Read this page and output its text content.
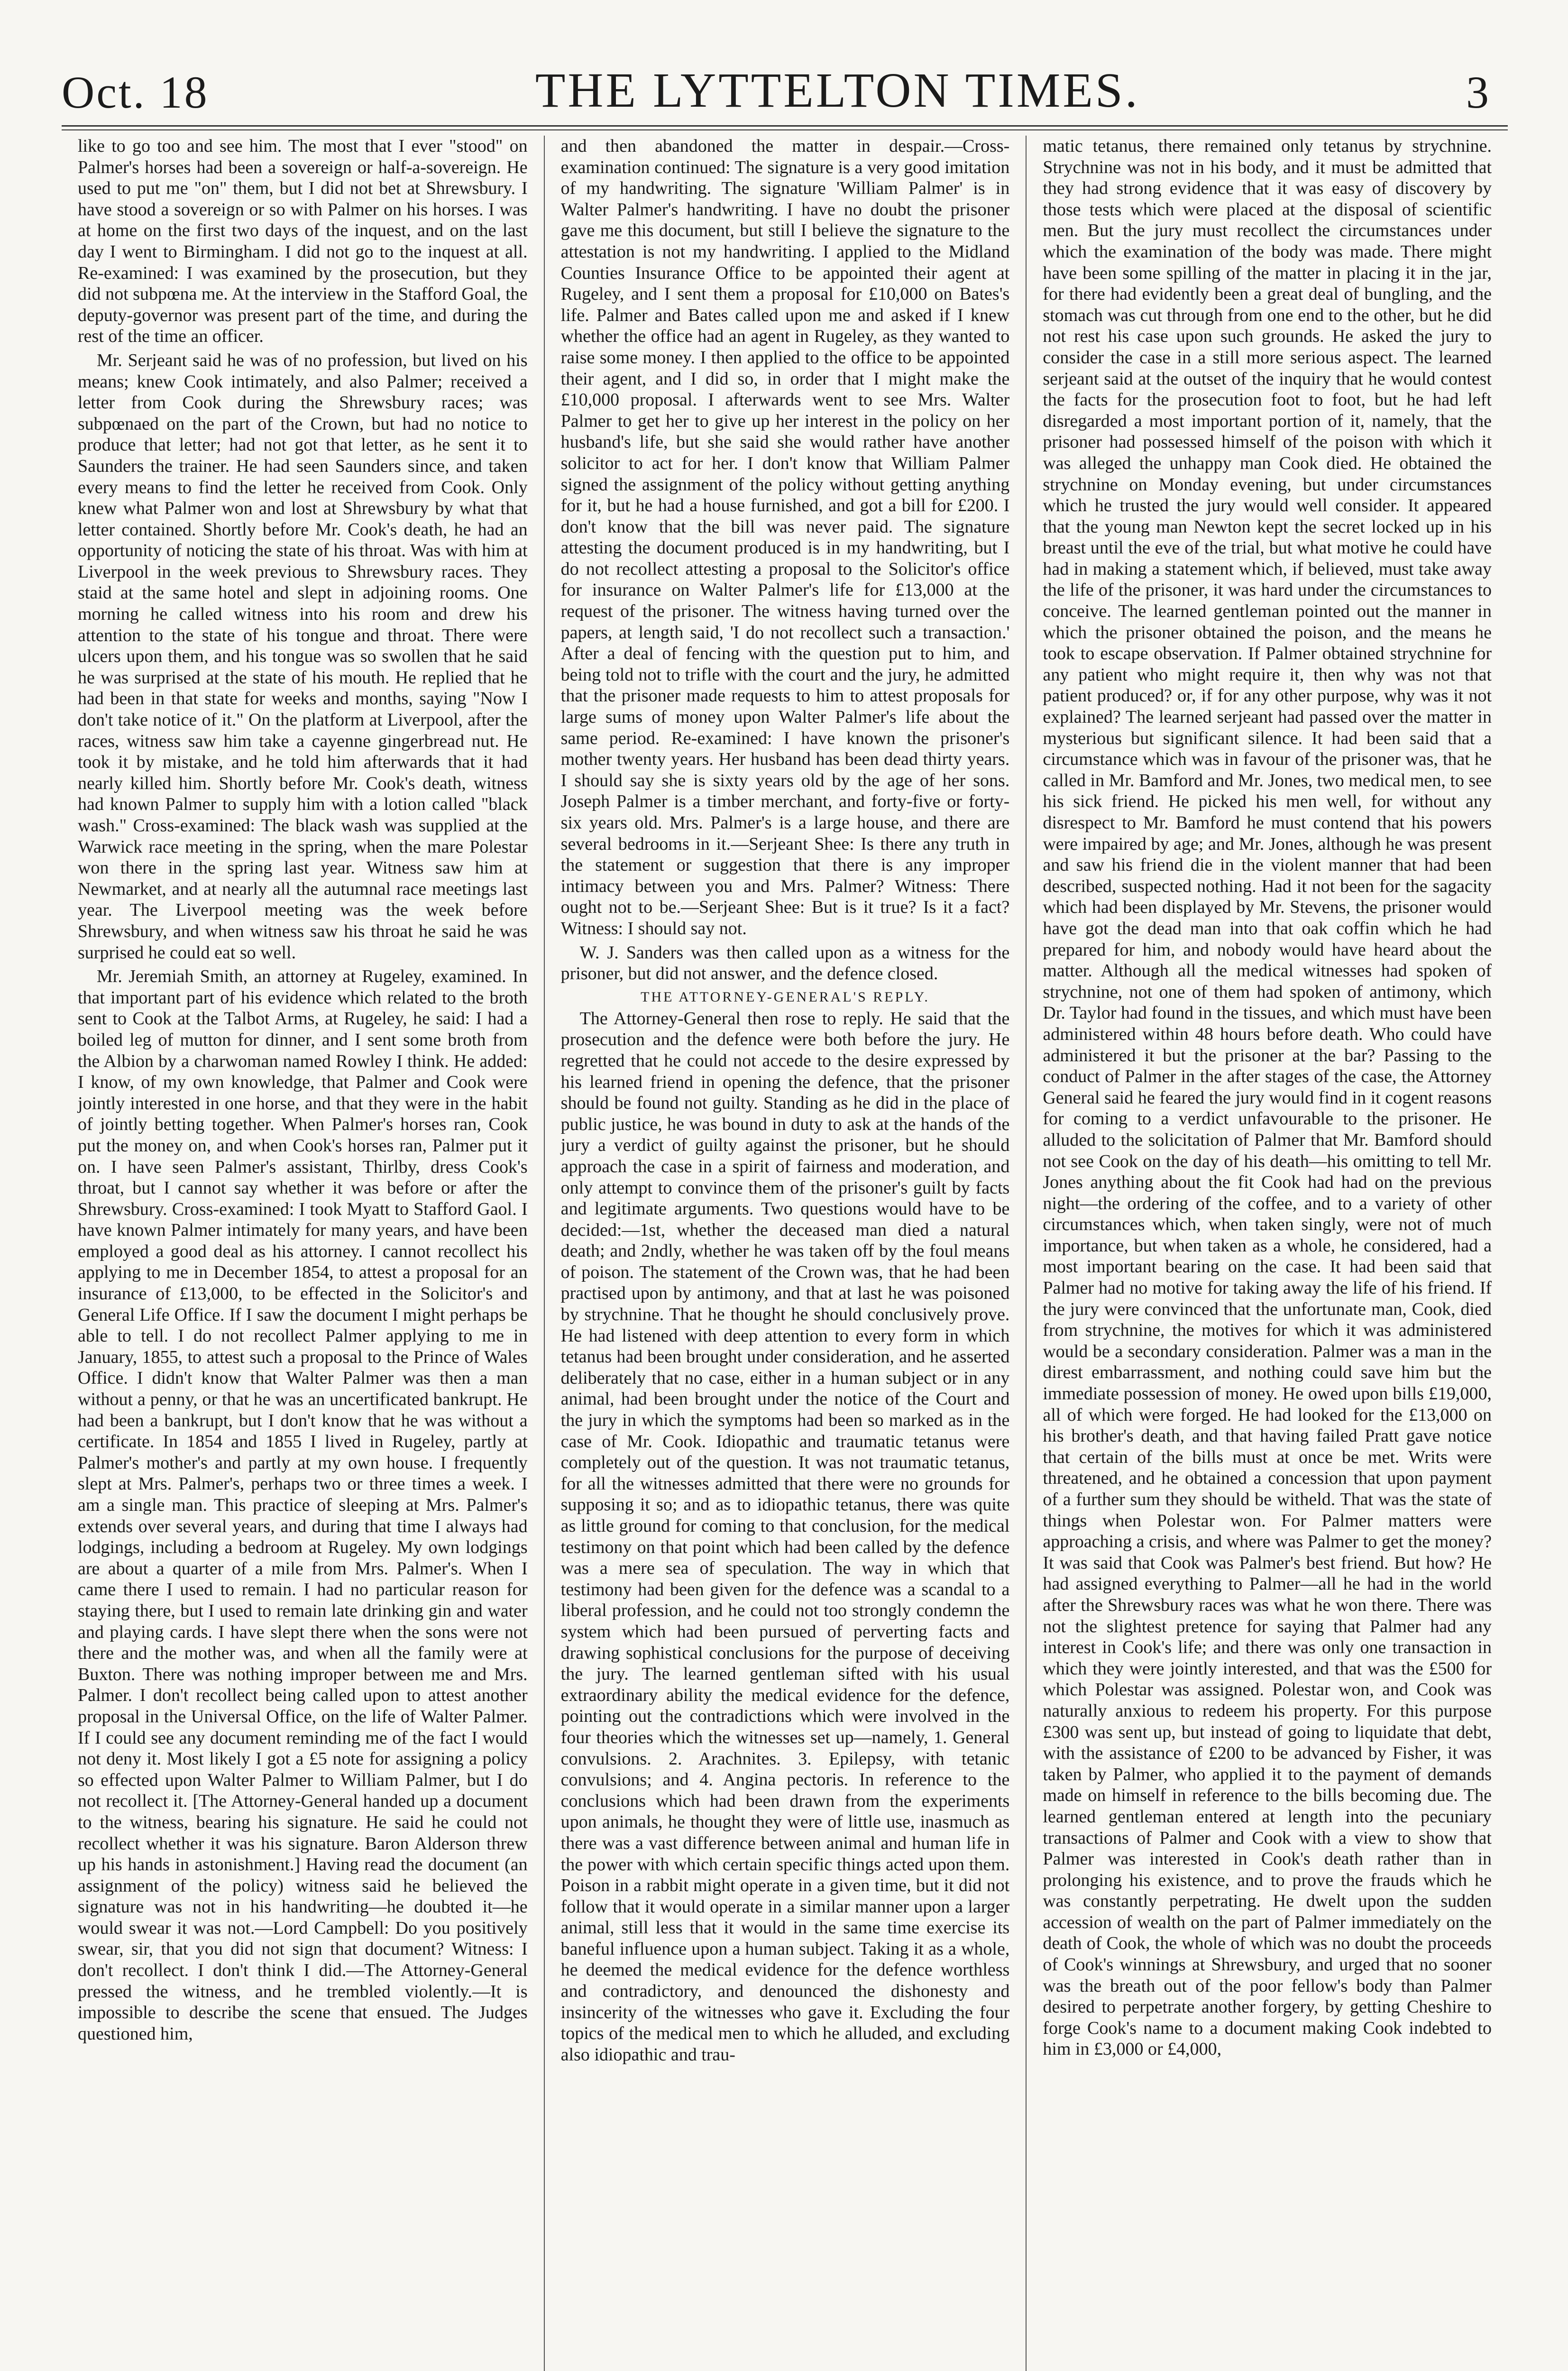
Oct. 18	THE LYTTELTON TIMES.	3

like to go too and see him. The most that I ever "stood" on Palmer's horses had been a sovereign or half-a-sovereign. He used to put me "on" them, but I did not bet at Shrewsbury. I have stood a sovereign or so with Palmer on his horses. I was at home on the first two days of the inquest, and on the last day I went to Birmingham. I did not go to the inquest at all. Re-examined: I was examined by the prosecution, but they did not subpœna me. At the interview in the Stafford Goal, the deputy-governor was present part of the time, and during the rest of the time an officer.

Mr. Serjeant said he was of no profession, but lived on his means; knew Cook intimately, and also Palmer; received a letter from Cook during the Shrewsbury races; was subpœnaed on the part of the Crown, but had no notice to produce that letter; had not got that letter, as he sent it to Saunders the trainer. He had seen Saunders since, and taken every means to find the letter he received from Cook. Only knew what Palmer won and lost at Shrewsbury by what that letter contained. Shortly before Mr. Cook's death, he had an opportunity of noticing the state of his throat. Was with him at Liverpool in the week previous to Shrewsbury races. They staid at the same hotel and slept in adjoining rooms. One morning he called witness into his room and drew his attention to the state of his tongue and throat. There were ulcers upon them, and his tongue was so swollen that he said he was surprised at the state of his mouth. He replied that he had been in that state for weeks and months, saying "Now I don't take notice of it." On the platform at Liverpool, after the races, witness saw him take a cayenne gingerbread nut. He took it by mistake, and he told him afterwards that it had nearly killed him. Shortly before Mr. Cook's death, witness had known Palmer to supply him with a lotion called "black wash." Cross-examined: The black wash was supplied at the Warwick race meeting in the spring, when the mare Polestar won there in the spring last year. Witness saw him at Newmarket, and at nearly all the autumnal race meetings last year. The Liverpool meeting was the week before Shrewsbury, and when witness saw his throat he said he was surprised he could eat so well.

Mr. Jeremiah Smith, an attorney at Rugeley, examined. In that important part of his evidence which related to the broth sent to Cook at the Talbot Arms, at Rugeley, he said: I had a boiled leg of mutton for dinner, and I sent some broth from the Albion by a charwoman named Rowley I think. He added: I know, of my own knowledge, that Palmer and Cook were jointly interested in one horse, and that they were in the habit of jointly betting together. When Palmer's horses ran, Cook put the money on, and when Cook's horses ran, Palmer put it on. I have seen Palmer's assistant, Thirlby, dress Cook's throat, but I cannot say whether it was before or after the Shrewsbury. Cross-examined: I took Myatt to Stafford Gaol. I have known Palmer intimately for many years, and have been employed a good deal as his attorney. I cannot recollect his applying to me in December 1854, to attest a proposal for an insurance of £13,000, to be effected in the Solicitor's and General Life Office. If I saw the document I might perhaps be able to tell. I do not recollect Palmer applying to me in January, 1855, to attest such a proposal to the Prince of Wales Office. I didn't know that Walter Palmer was then a man without a penny, or that he was an uncertificated bankrupt. He had been a bankrupt, but I don't know that he was without a certificate. In 1854 and 1855 I lived in Rugeley, partly at Palmer's mother's and partly at my own house. I frequently slept at Mrs. Palmer's, perhaps two or three times a week. I am a single man. This practice of sleeping at Mrs. Palmer's extends over several years, and during that time I always had lodgings, including a bedroom at Rugeley. My own lodgings are about a quarter of a mile from Mrs. Palmer's. When I came there I used to remain. I had no particular reason for staying there, but I used to remain late drinking gin and water and playing cards. I have slept there when the sons were not there and the mother was, and when all the family were at Buxton. There was nothing improper between me and Mrs. Palmer. I don't recollect being called upon to attest another proposal in the Universal Office, on the life of Walter Palmer. If I could see any document reminding me of the fact I would not deny it. Most likely I got a £5 note for assigning a policy so effected upon Walter Palmer to William Palmer, but I do not recollect it. [The Attorney-General handed up a document to the witness, bearing his signature. He said he could not recollect whether it was his signature. Baron Alderson threw up his hands in astonishment.] Having read the document (an assignment of the policy) witness said he believed the signature was not in his handwriting—he doubted it—he would swear it was not.—Lord Campbell: Do you positively swear, sir, that you did not sign that document? Witness: I don't recollect. I don't think I did.—The Attorney-General pressed the witness, and he trembled violently.—It is impossible to describe the scene that ensued. The Judges questioned him,

and then abandoned the matter in despair.—Cross-examination continued: The signature is a very good imitation of my handwriting. The signature 'William Palmer' is in Walter Palmer's handwriting. I have no doubt the prisoner gave me this document, but still I believe the signature to the attestation is not my handwriting. I applied to the Midland Counties Insurance Office to be appointed their agent at Rugeley, and I sent them a proposal for £10,000 on Bates's life. Palmer and Bates called upon me and asked if I knew whether the office had an agent in Rugeley, as they wanted to raise some money. I then applied to the office to be appointed their agent, and I did so, in order that I might make the £10,000 proposal. I afterwards went to see Mrs. Walter Palmer to get her to give up her interest in the policy on her husband's life, but she said she would rather have another solicitor to act for her. I don't know that William Palmer signed the assignment of the policy without getting anything for it, but he had a house furnished, and got a bill for £200. I don't know that the bill was never paid. The signature attesting the document produced is in my handwriting, but I do not recollect attesting a proposal to the Solicitor's office for insurance on Walter Palmer's life for £13,000 at the request of the prisoner. The witness having turned over the papers, at length said, 'I do not recollect such a transaction.' After a deal of fencing with the question put to him, and being told not to trifle with the court and the jury, he admitted that the prisoner made requests to him to attest proposals for large sums of money upon Walter Palmer's life about the same period. Re-examined: I have known the prisoner's mother twenty years. Her husband has been dead thirty years. I should say she is sixty years old by the age of her sons. Joseph Palmer is a timber merchant, and forty-five or forty-six years old. Mrs. Palmer's is a large house, and there are several bedrooms in it.—Serjeant Shee: Is there any truth in the statement or suggestion that there is any improper intimacy between you and Mrs. Palmer? Witness: There ought not to be.—Serjeant Shee: But is it true? Is it a fact? Witness: I should say not.

W. J. Sanders was then called upon as a witness for the prisoner, but did not answer, and the defence closed.

THE ATTORNEY-GENERAL'S REPLY.

The Attorney-General then rose to reply. He said that the prosecution and the defence were both before the jury. He regretted that he could not accede to the desire expressed by his learned friend in opening the defence, that the prisoner should be found not guilty. Standing as he did in the place of public justice, he was bound in duty to ask at the hands of the jury a verdict of guilty against the prisoner, but he should approach the case in a spirit of fairness and moderation, and only attempt to convince them of the prisoner's guilt by facts and legitimate arguments. Two questions would have to be decided:—1st, whether the deceased man died a natural death; and 2ndly, whether he was taken off by the foul means of poison. The statement of the Crown was, that he had been practised upon by antimony, and that at last he was poisoned by strychnine. That he thought he should conclusively prove. He had listened with deep attention to every form in which tetanus had been brought under consideration, and he asserted deliberately that no case, either in a human subject or in any animal, had been brought under the notice of the Court and the jury in which the symptoms had been so marked as in the case of Mr. Cook. Idiopathic and traumatic tetanus were completely out of the question. It was not traumatic tetanus, for all the witnesses admitted that there were no grounds for supposing it so; and as to idiopathic tetanus, there was quite as little ground for coming to that conclusion, for the medical testimony on that point which had been called by the defence was a mere sea of speculation. The way in which that testimony had been given for the defence was a scandal to a liberal profession, and he could not too strongly condemn the system which had been pursued of perverting facts and drawing sophistical conclusions for the purpose of deceiving the jury. The learned gentleman sifted with his usual extraordinary ability the medical evidence for the defence, pointing out the contradictions which were involved in the four theories which the witnesses set up—namely, 1. General convulsions. 2. Arachnites. 3. Epilepsy, with tetanic convulsions; and 4. Angina pectoris. In reference to the conclusions which had been drawn from the experiments upon animals, he thought they were of little use, inasmuch as there was a vast difference between animal and human life in the power with which certain specific things acted upon them. Poison in a rabbit might operate in a given time, but it did not follow that it would operate in a similar manner upon a larger animal, still less that it would in the same time exercise its baneful influence upon a human subject. Taking it as a whole, he deemed the medical evidence for the defence worthless and contradictory, and denounced the dishonesty and insincerity of the witnesses who gave it. Excluding the four topics of the medical men to which he alluded, and excluding also idiopathic and trau-

matic tetanus, there remained only tetanus by strychnine. Strychnine was not in his body, and it must be admitted that they had strong evidence that it was easy of discovery by those tests which were placed at the disposal of scientific men. But the jury must recollect the circumstances under which the examination of the body was made. There might have been some spilling of the matter in placing it in the jar, for there had evidently been a great deal of bungling, and the stomach was cut through from one end to the other, but he did not rest his case upon such grounds. He asked the jury to consider the case in a still more serious aspect. The learned serjeant said at the outset of the inquiry that he would contest the facts for the prosecution foot to foot, but he had left disregarded a most important portion of it, namely, that the prisoner had possessed himself of the poison with which it was alleged the unhappy man Cook died. He obtained the strychnine on Monday evening, but under circumstances which he trusted the jury would well consider. It appeared that the young man Newton kept the secret locked up in his breast until the eve of the trial, but what motive he could have had in making a statement which, if believed, must take away the life of the prisoner, it was hard under the circumstances to conceive. The learned gentleman pointed out the manner in which the prisoner obtained the poison, and the means he took to escape observation. If Palmer obtained strychnine for any patient who might require it, then why was not that patient produced? or, if for any other purpose, why was it not explained? The learned serjeant had passed over the matter in mysterious but significant silence. It had been said that a circumstance which was in favour of the prisoner was, that he called in Mr. Bamford and Mr. Jones, two medical men, to see his sick friend. He picked his men well, for without any disrespect to Mr. Bamford he must contend that his powers were impaired by age; and Mr. Jones, although he was present and saw his friend die in the violent manner that had been described, suspected nothing. Had it not been for the sagacity which had been displayed by Mr. Stevens, the prisoner would have got the dead man into that oak coffin which he had prepared for him, and nobody would have heard about the matter. Although all the medical witnesses had spoken of strychnine, not one of them had spoken of antimony, which Dr. Taylor had found in the tissues, and which must have been administered within 48 hours before death. Who could have administered it but the prisoner at the bar? Passing to the conduct of Palmer in the after stages of the case, the Attorney General said he feared the jury would find in it cogent reasons for coming to a verdict unfavourable to the prisoner. He alluded to the solicitation of Palmer that Mr. Bamford should not see Cook on the day of his death—his omitting to tell Mr. Jones anything about the fit Cook had had on the previous night—the ordering of the coffee, and to a variety of other circumstances which, when taken singly, were not of much importance, but when taken as a whole, he considered, had a most important bearing on the case. It had been said that Palmer had no motive for taking away the life of his friend. If the jury were convinced that the unfortunate man, Cook, died from strychnine, the motives for which it was administered would be a secondary consideration. Palmer was a man in the direst embarrassment, and nothing could save him but the immediate possession of money. He owed upon bills £19,000, all of which were forged. He had looked for the £13,000 on his brother's death, and that having failed Pratt gave notice that certain of the bills must at once be met. Writs were threatened, and he obtained a concession that upon payment of a further sum they should be witheld. That was the state of things when Polestar won. For Palmer matters were approaching a crisis, and where was Palmer to get the money? It was said that Cook was Palmer's best friend. But how? He had assigned everything to Palmer—all he had in the world after the Shrewsbury races was what he won there. There was not the slightest pretence for saying that Palmer had any interest in Cook's life; and there was only one transaction in which they were jointly interested, and that was the £500 for which Polestar was assigned. Polestar won, and Cook was naturally anxious to redeem his property. For this purpose £300 was sent up, but instead of going to liquidate that debt, with the assistance of £200 to be advanced by Fisher, it was taken by Palmer, who applied it to the payment of demands made on himself in reference to the bills becoming due. The learned gentleman entered at length into the pecuniary transactions of Palmer and Cook with a view to show that Palmer was interested in Cook's death rather than in prolonging his existence, and to prove the frauds which he was constantly perpetrating. He dwelt upon the sudden accession of wealth on the part of Palmer immediately on the death of Cook, the whole of which was no doubt the proceeds of Cook's winnings at Shrewsbury, and urged that no sooner was the breath out of the poor fellow's body than Palmer desired to perpetrate another forgery, by getting Cheshire to forge Cook's name to a document making Cook indebted to him in £3,000 or £4,000,
